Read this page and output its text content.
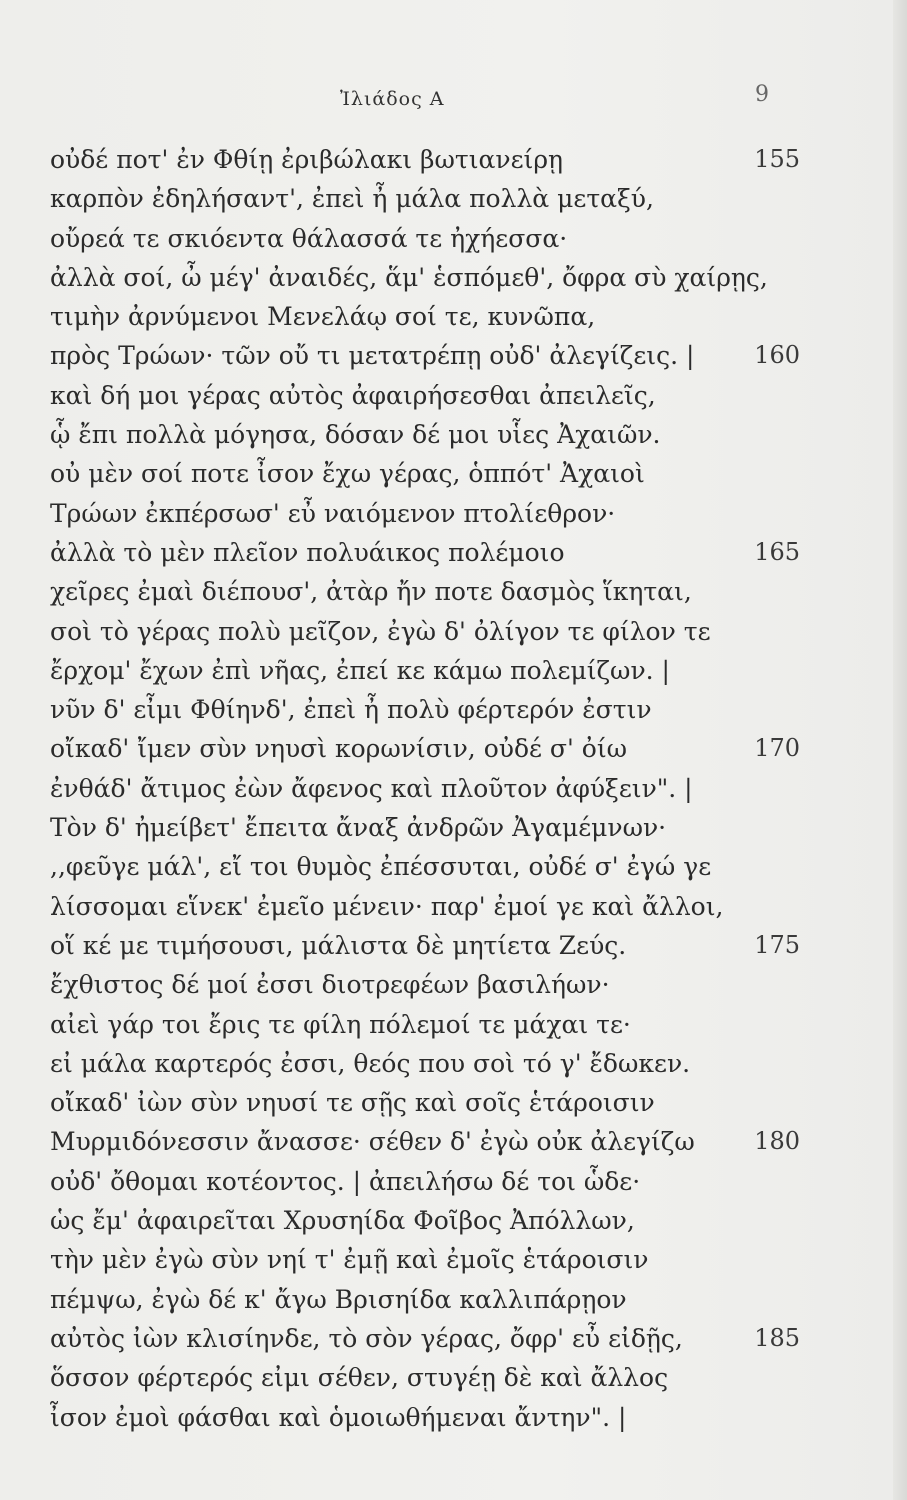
Ἰλιάδος Α	9
οὐδέ ποτ' ἐν Φθίῃ ἐριβώλακι βωτιανείρῃ	155
καρπὸν ἐδηλήσαντ', ἐπεὶ ἦ μάλα πολλὰ μεταξύ,
οὔρεά τε σκιόεντα θάλασσά τε ἠχήεσσα·
ἀλλὰ σοί, ὦ μέγ' ἀναιδές, ἅμ' ἑσπόμεθ', ὄφρα σὺ χαίρῃς,
τιμὴν ἀρνύμενοι Μενελάῳ σοί τε, κυνῶπα,
πρὸς Τρώων· τῶν οὔ τι μετατρέπῃ οὐδ' ἀλεγίζεις. | 160
καὶ δή μοι γέρας αὐτὸς ἀφαιρήσεσθαι ἀπειλεῖς,
ᾧ ἔπι πολλὰ μόγησα, δόσαν δέ μοι υἷες Ἀχαιῶν.
οὐ μὲν σοί ποτε ἶσον ἔχω γέρας, ὁππότ' Ἀχαιοὶ
Τρώων ἐκπέρσωσ' εὖ ναιόμενον πτολίεθρον·
ἀλλὰ τὸ μὲν πλεῖον πολυάικος πολέμοιο	165
χεῖρες ἐμαὶ διέπουσ', ἀτὰρ ἤν ποτε δασμὸς ἵκηται,
σοὶ τὸ γέρας πολὺ μεῖζον, ἐγὼ δ' ὀλίγον τε φίλον τε
ἔρχομ' ἔχων ἐπὶ νῆας, ἐπεί κε κάμω πολεμίζων. |
νῦν δ' εἶμι Φθίηνδ', ἐπεὶ ἦ πολὺ φέρτερόν ἐστιν
οἴκαδ' ἴμεν σὺν νηυσὶ κορωνίσιν, οὐδέ σ' ὀίω	170
ἐνθάδ' ἄτιμος ἐὼν ἄφενος καὶ πλοῦτον ἀφύξειν". |
Τὸν δ' ἠμείβετ' ἔπειτα ἄναξ ἀνδρῶν Ἀγαμέμνων·
,,φεῦγε μάλ', εἴ τοι θυμὸς ἐπέσσυται, οὐδέ σ' ἐγώ γε
λίσσομαι εἵνεκ' ἐμεῖο μένειν· παρ' ἐμοί γε καὶ ἄλλοι,
οἵ κέ με τιμήσουσι, μάλιστα δὲ μητίετα Ζεύς.	175
ἔχθιστος δέ μοί ἐσσι διοτρεφέων βασιλήων·
αἰεὶ γάρ τοι ἔρις τε φίλη πόλεμοί τε μάχαι τε·
εἰ μάλα καρτερός ἐσσι, θεός που σοὶ τό γ' ἔδωκεν.
οἴκαδ' ἰὼν σὺν νηυσί τε σῇς καὶ σοῖς ἑτάροισιν
Μυρμιδόνεσσιν ἄνασσε· σέθεν δ' ἐγὼ οὐκ ἀλεγίζω 180
οὐδ' ὄθομαι κοτέοντος. | ἀπειλήσω δέ τοι ὧδε·
ὡς ἔμ' ἀφαιρεῖται Χρυσηίδα Φοῖβος Ἀπόλλων,
τὴν μὲν ἐγὼ σὺν νηί τ' ἐμῇ καὶ ἐμοῖς ἑτάροισιν
πέμψω, ἐγὼ δέ κ' ἄγω Βρισηίδα καλλιπάρῃον
αὐτὸς ἰὼν κλισίηνδε, τὸ σὸν γέρας, ὄφρ' εὖ εἰδῇς,	185
ὅσσον φέρτερός εἰμι σέθεν, στυγέῃ δὲ καὶ ἄλλος
ἶσον ἐμοὶ φάσθαι καὶ ὁμοιωθήμεναι ἄντην". |
